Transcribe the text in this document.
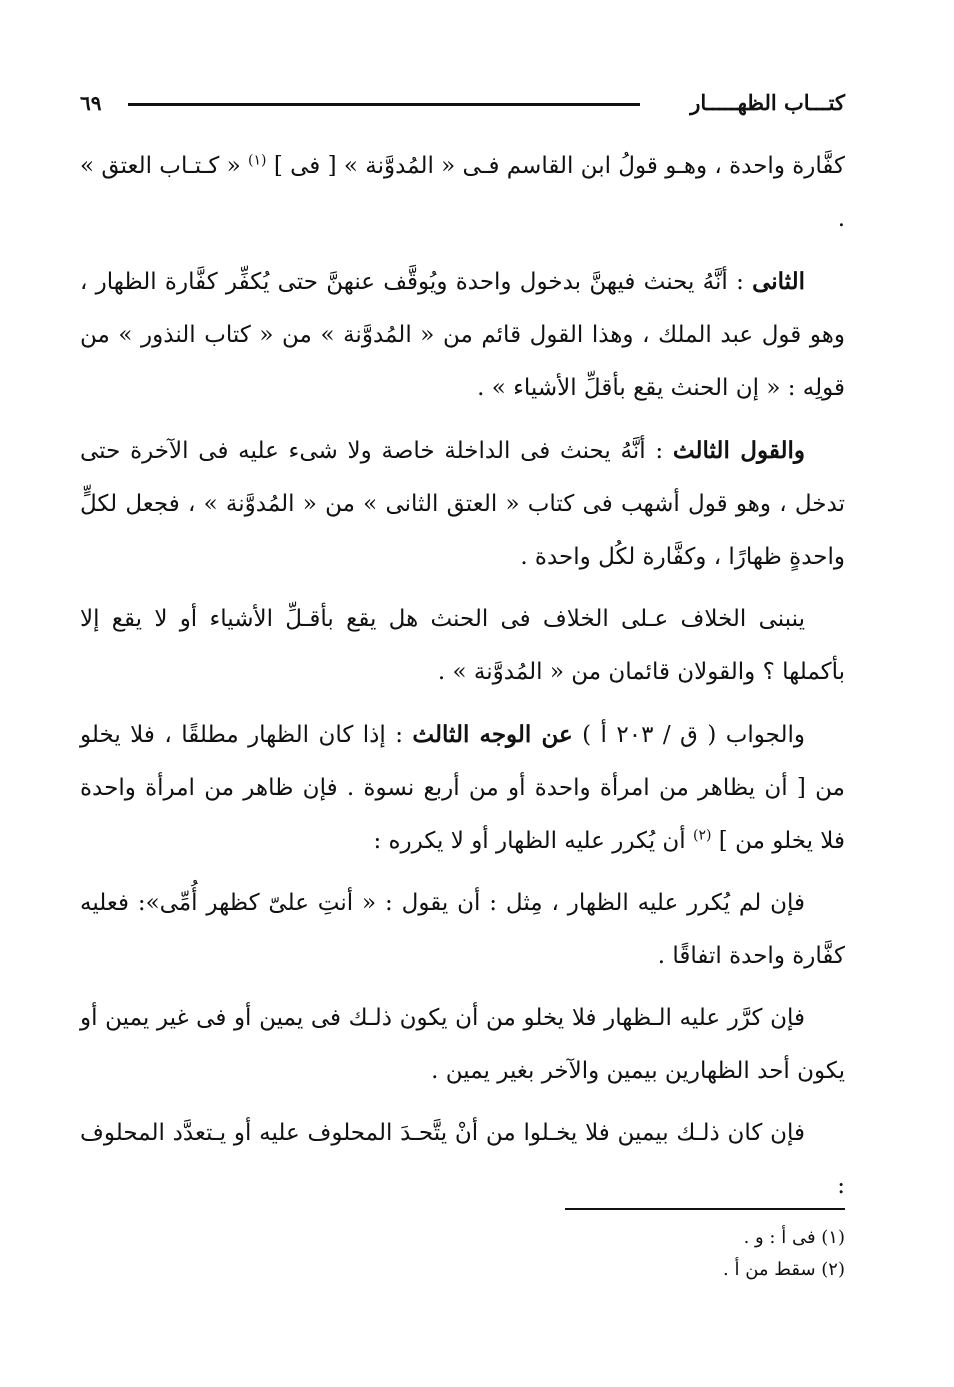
كتـــاب الظهـــــار
٦٩

كفَّارة واحدة ، وهـو قولُ ابن القاسم فـى « المُدوَّنة » [ فى ] $^{(١)}$ « كـتـاب العتق » .

الثانى : أنَّهُ يحنث فيهنَّ بدخول واحدة ويُوقَّف عنهنَّ حتى يُكفِّر كفَّارة الظهار ، وهو قول عبد الملك ، وهذا القول قائم من « المُدوَّنة » من « كتاب النذور » من قولِه : « إن الحنث يقع بأقلِّ الأشياء » .

والقول الثالث : أنَّهُ يحنث فى الداخلة خاصة ولا شىء عليه فى الآخرة حتى تدخل ، وهو قول أشهب فى كتاب « العتق الثانى » من « المُدوَّنة » ، فجعل لكلٍّ واحدةٍ ظهارًا ، وكفَّارة لكُل واحدة .

ينبنى الخلاف عـلى الخلاف فى الحنث هل يقع بأقـلِّ الأشياء أو لا يقع إلا بأكملها ؟ والقولان قائمان من « المُدوَّنة » .

والجواب ( ق / ٢٠٣ أ ) عن الوجه الثالث : إذا كان الظهار مطلقًا ، فلا يخلو من [ أن يظاهر من امرأة واحدة أو من أربع نسوة . فإن ظاهر من امرأة واحدة فلا يخلو من ] $^{(٢)}$ أن يُكرر عليه الظهار أو لا يكرره :

فإن لم يُكرر عليه الظهار ، مِثل : أن يقول : « أنتِ علىّ كظهر أُمِّى»: فعليه كفَّارة واحدة اتفاقًا .

فإن كرَّر عليه الـظهار فلا يخلو من أن يكون ذلـك فى يمين أو فى غير يمين أو يكون أحد الظهارين بيمين والآخر بغير يمين .

فإن كان ذلـك بيمين فلا يخـلوا من أنْ يتَّحـدَ المحلوف عليه أو يـتعدَّد المحلوف :

(١) فى أ : و .

(٢) سقط من أ .
